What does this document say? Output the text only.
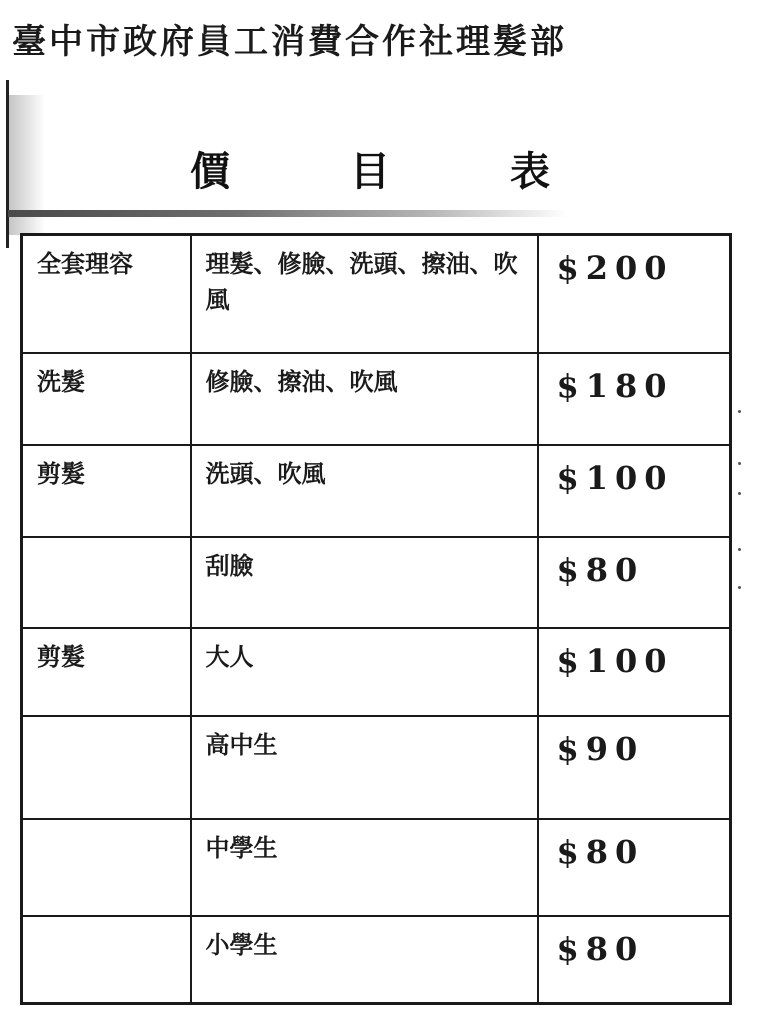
臺中市政府員工消費合作社理髮部
價	目	表
全套理容	理髮、修臉、洗頭、擦油、吹風	$200
洗髮	修臉、擦油、吹風	$180
剪髮	洗頭、吹風	$100
	刮臉	$80
剪髮	大人	$100
	高中生	$90
	中學生	$80
	小學生	$80
